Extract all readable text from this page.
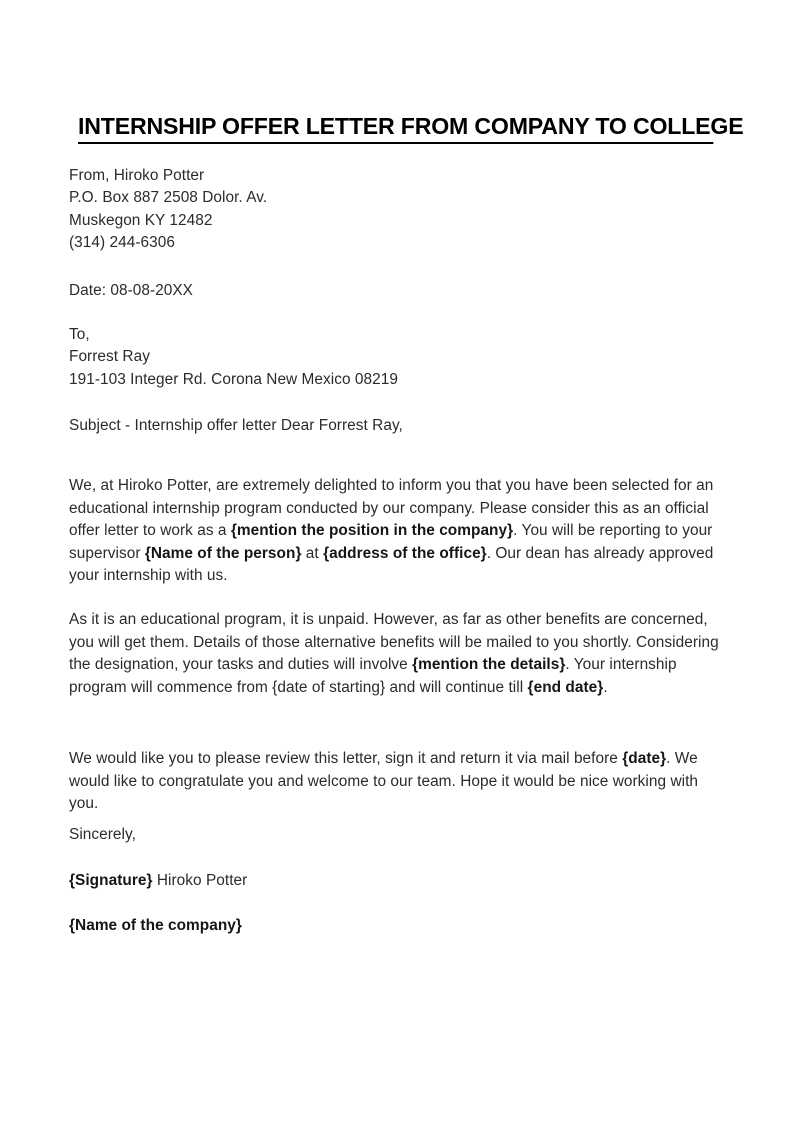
INTERNSHIP OFFER LETTER FROM COMPANY TO COLLEGE
From, Hiroko Potter
P.O. Box 887 2508 Dolor. Av.
Muskegon KY 12482
(314) 244-6306
Date: 08-08-20XX
To,
Forrest Ray
191-103 Integer Rd. Corona New Mexico 08219
Subject - Internship offer letter Dear Forrest Ray,

We, at Hiroko Potter, are extremely delighted to inform you that you have been selected for an educational internship program conducted by our company. Please consider this as an official offer letter to work as a {mention the position in the company}. You will be reporting to your supervisor {Name of the person} at {address of the office}. Our dean has already approved your internship with us.

As it is an educational program, it is unpaid. However, as far as other benefits are concerned, you will get them. Details of those alternative benefits will be mailed to you shortly. Considering the designation, your tasks and duties will involve {mention the details}. Your internship program will commence from {date of starting} and will continue till {end date}.

We would like you to please review this letter, sign it and return it via mail before {date}. We would like to congratulate you and welcome to our team. Hope it would be nice working with you.

Sincerely,
{Signature} Hiroko Potter
{Name of the company}
